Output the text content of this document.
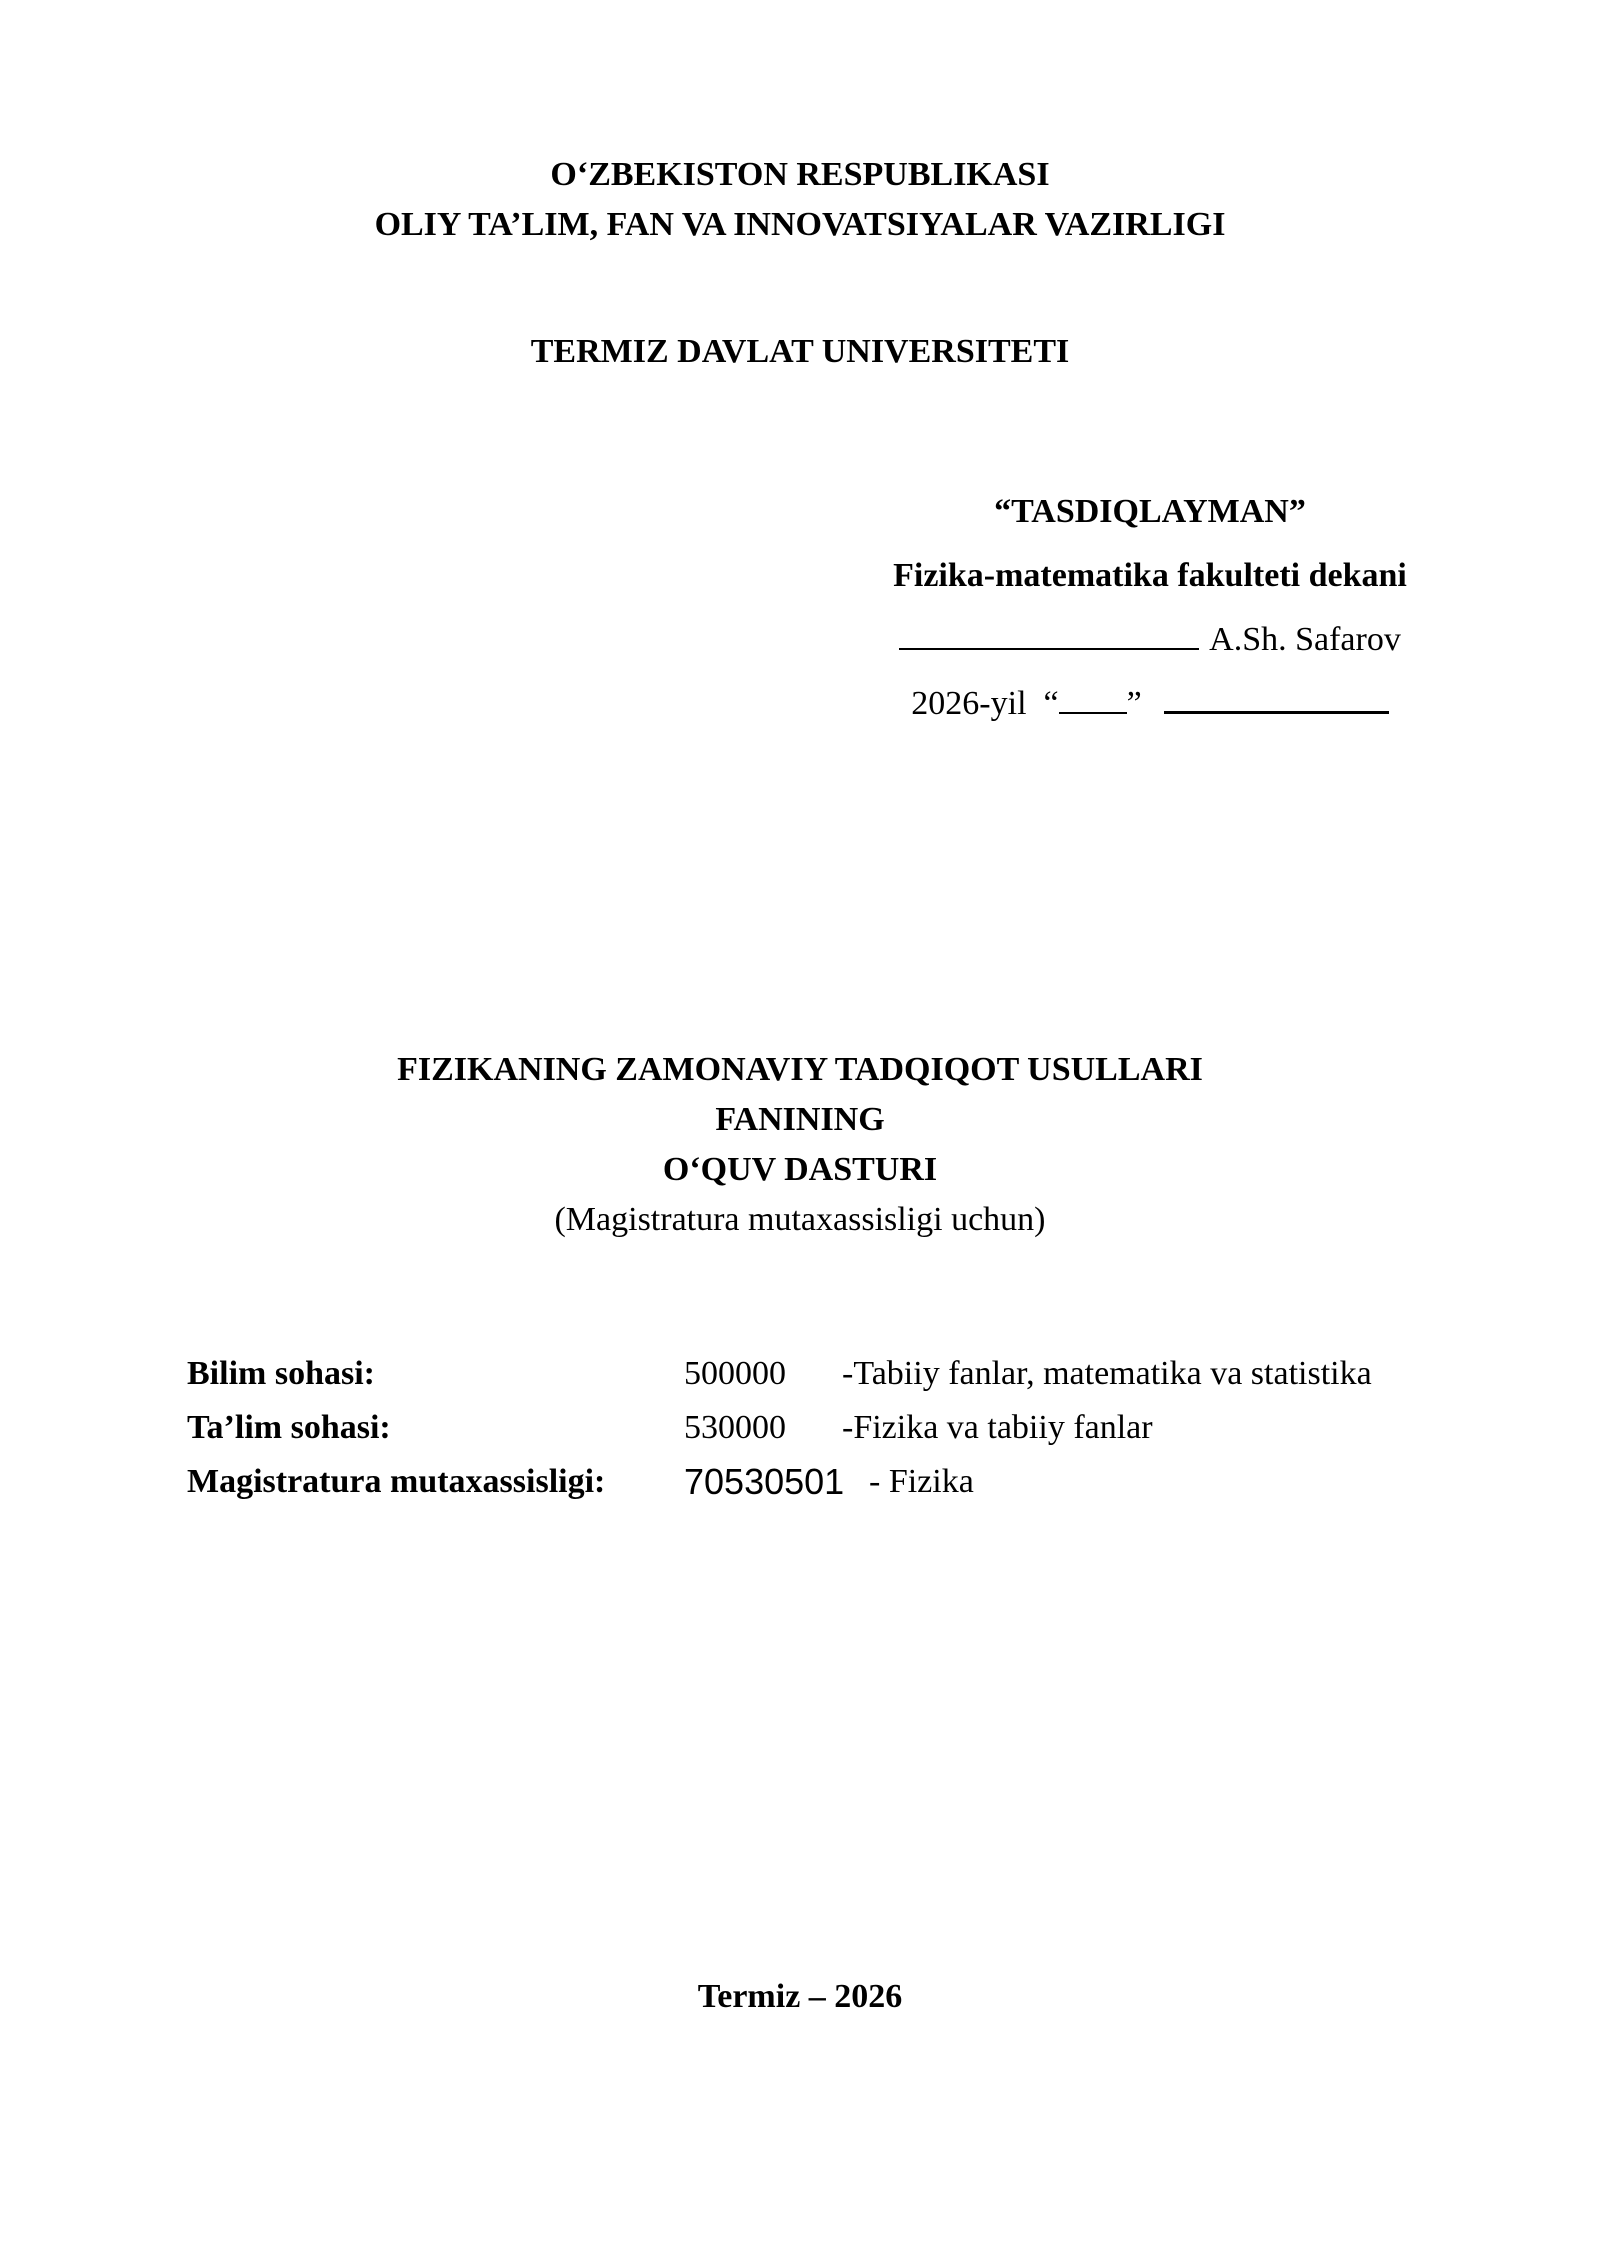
O‘ZBEKISTON RESPUBLIKASI
OLIY TA’LIM, FAN VA INNOVATSIYALAR VAZIRLIGI
TERMIZ DAVLAT UNIVERSITETI
“TASDIQLAYMAN”
Fizika-matematika fakulteti dekani
A.Sh. Safarov
2026-yil “ ”
FIZIKANING ZAMONAVIY TADQIQOT USULLARI
FANINING
O‘QUV DASTURI
(Magistratura mutaxassisligi uchun)
Bilim sohasi:	500000 -Tabiiy fanlar, matematika va statistika
Ta’lim sohasi:	530000 -Fizika va tabiiy fanlar
Magistratura mutaxassisligi: 70530501 - Fizika
Termiz – 2026
